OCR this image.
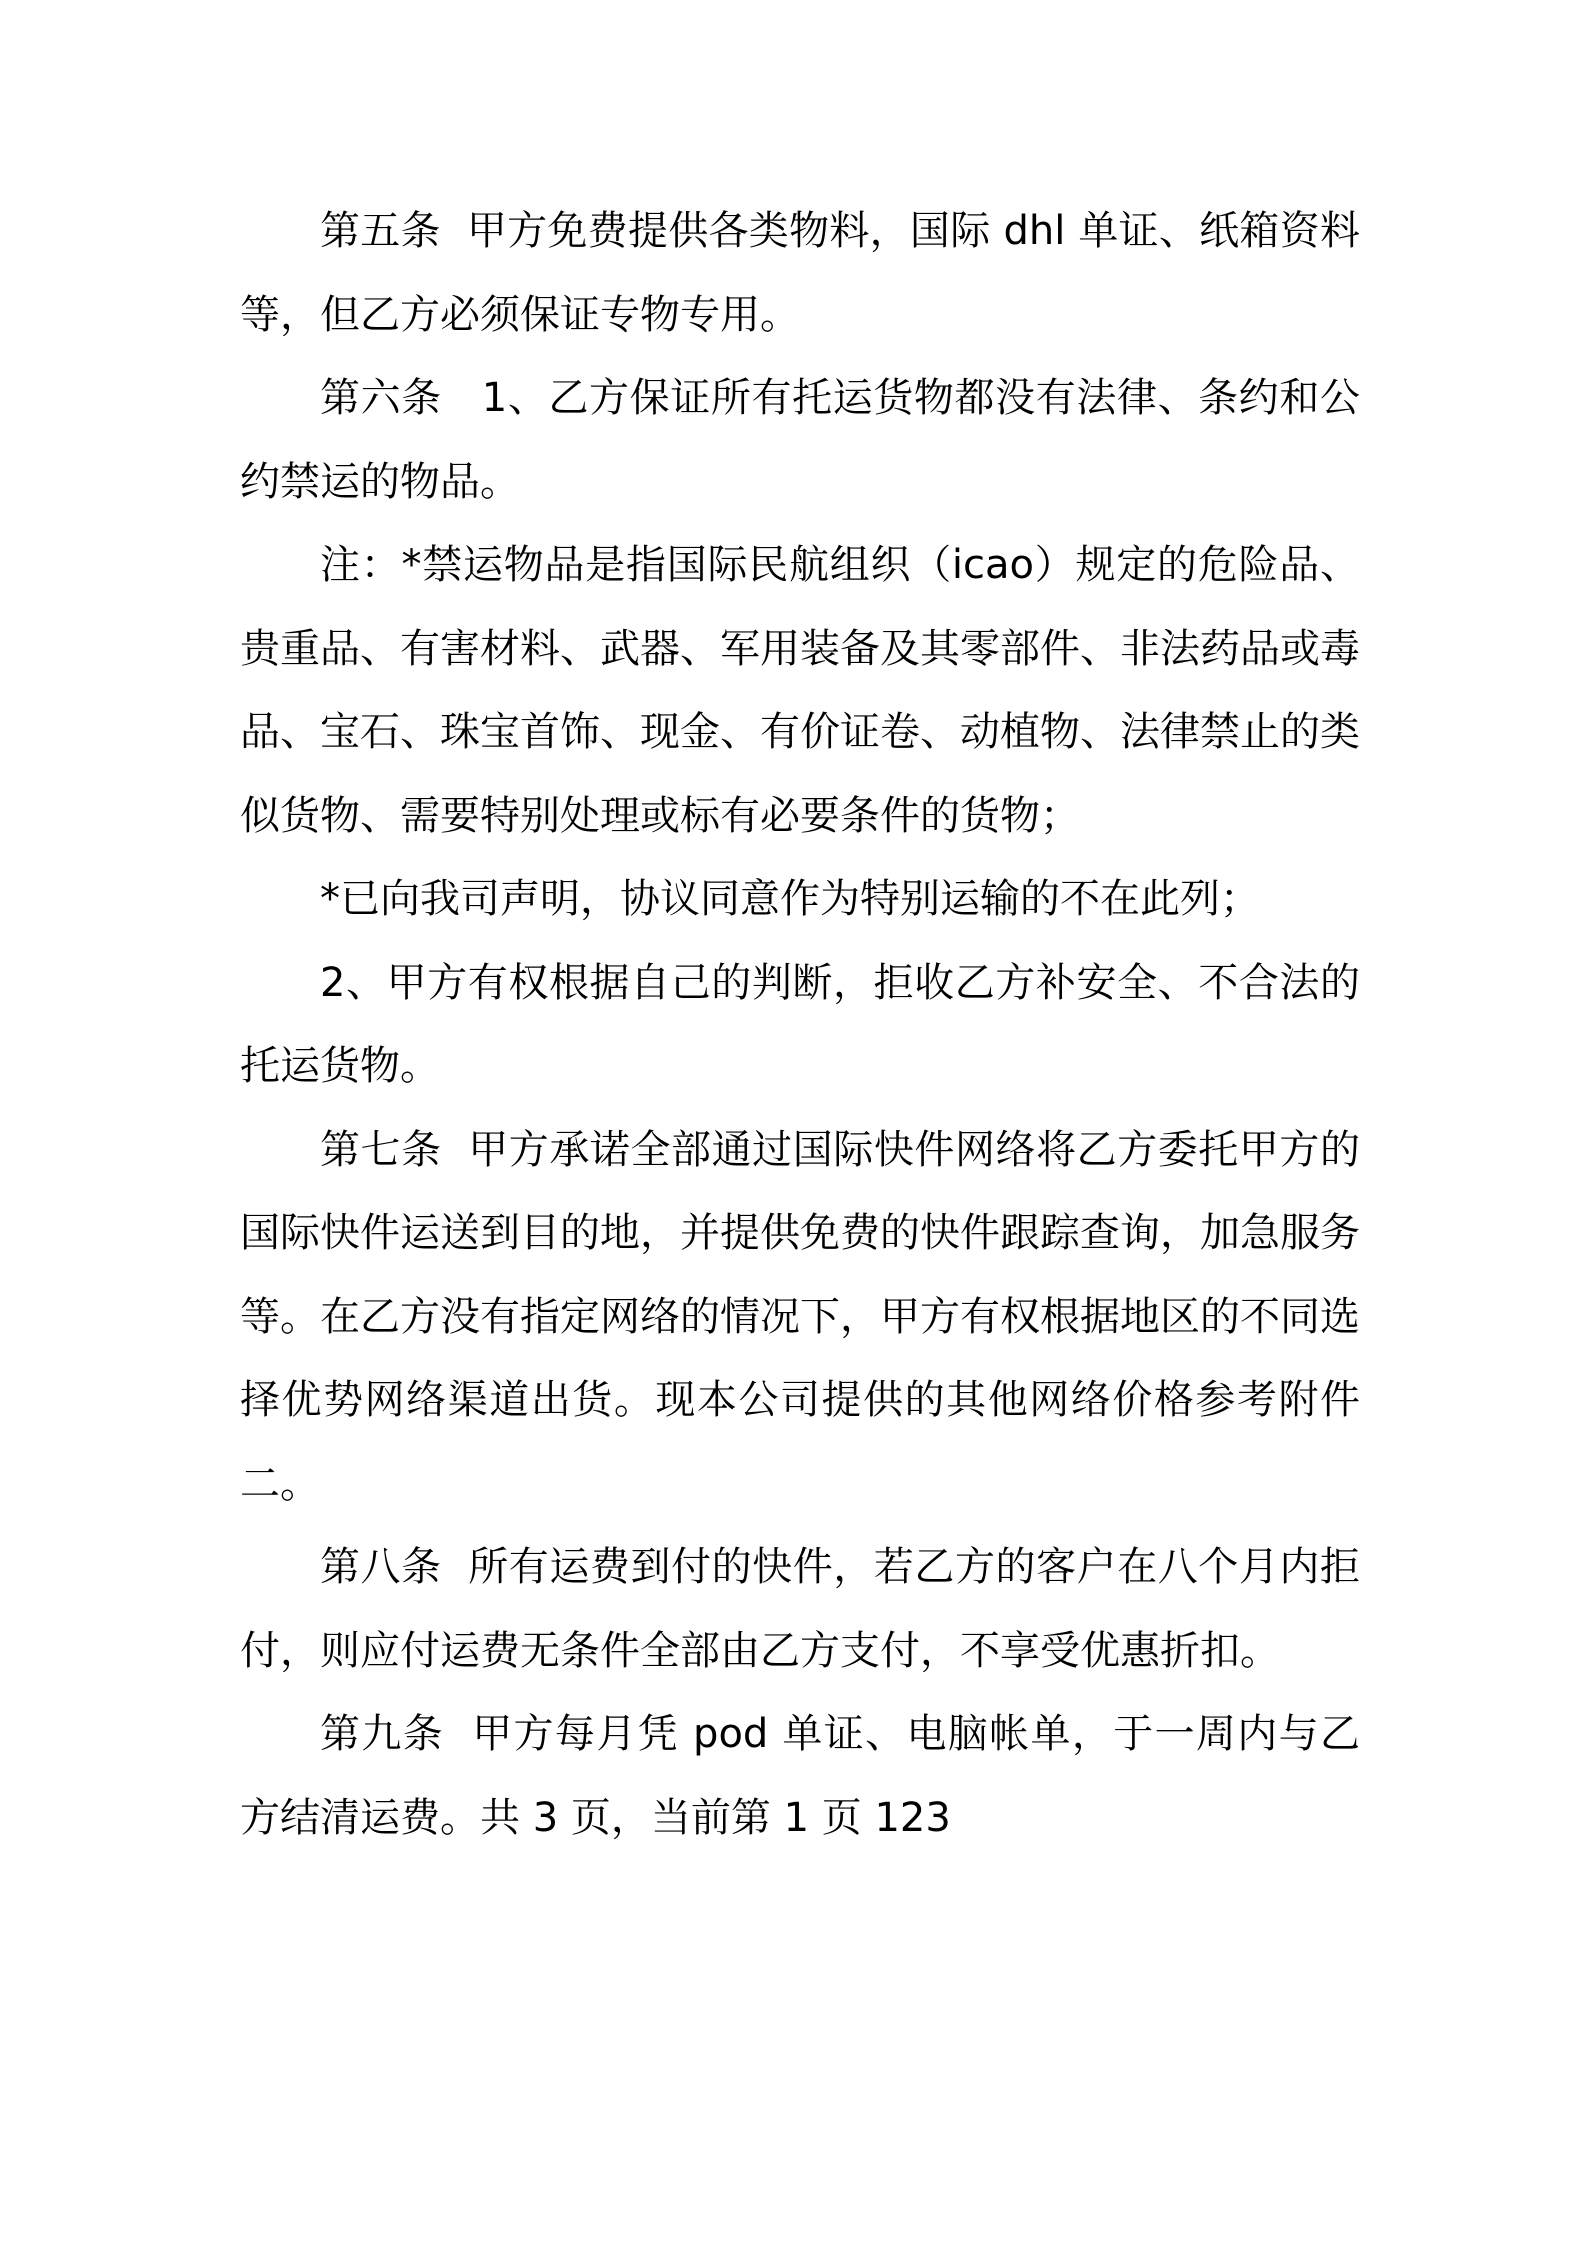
第五条  甲方免费提供各类物料，国际 dhl 单证、纸箱资料等，但乙方必须保证专物专用。

第六条   1、乙方保证所有托运货物都没有法律、条约和公约禁运的物品。

注：*禁运物品是指国际民航组织（icao）规定的危险品、贵重品、有害材料、武器、军用装备及其零部件、非法药品或毒品、宝石、珠宝首饰、现金、有价证卷、动植物、法律禁止的类似货物、需要特别处理或标有必要条件的货物；

*已向我司声明，协议同意作为特别运输的不在此列；

2、甲方有权根据自己的判断，拒收乙方补安全、不合法的托运货物。

第七条  甲方承诺全部通过国际快件网络将乙方委托甲方的国际快件运送到目的地，并提供免费的快件跟踪查询，加急服务等。在乙方没有指定网络的情况下，甲方有权根据地区的不同选择优势网络渠道出货。现本公司提供的其他网络价格参考附件二。

第八条  所有运费到付的快件，若乙方的客户在八个月内拒付，则应付运费无条件全部由乙方支付，不享受优惠折扣。

第九条  甲方每月凭 pod 单证、电脑帐单，于一周内与乙方结清运费。共 3 页，当前第 1 页 123
